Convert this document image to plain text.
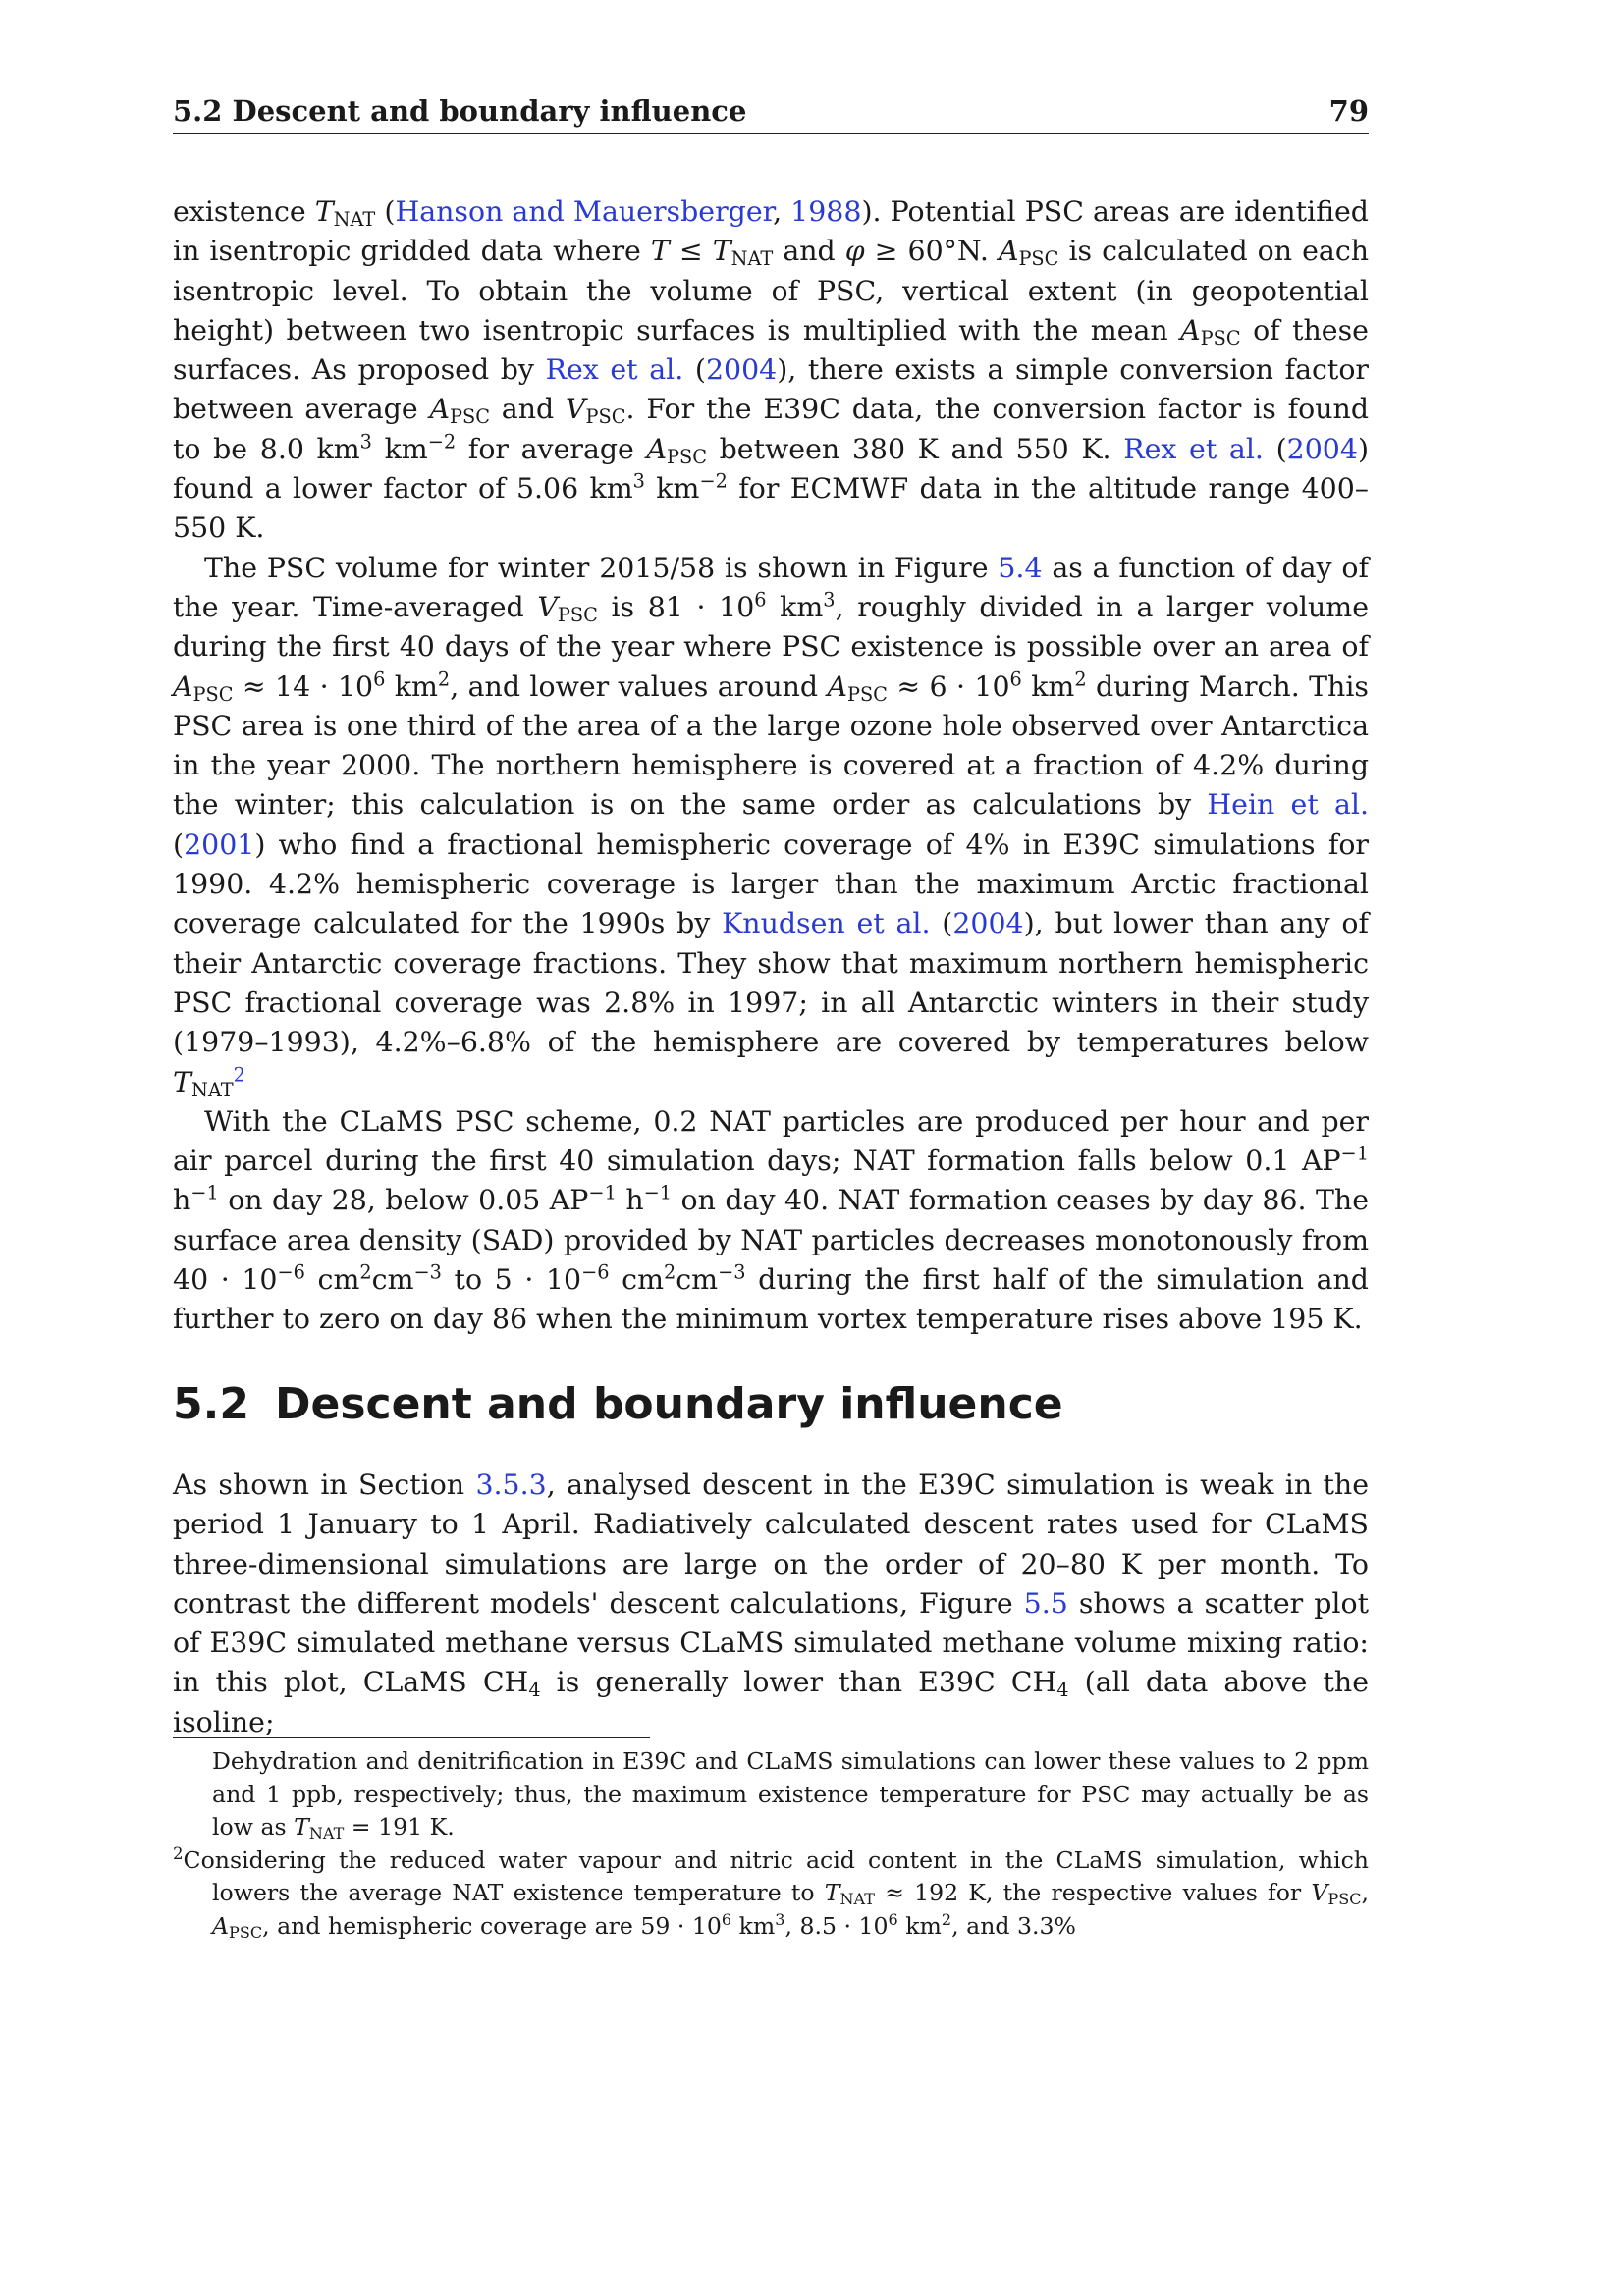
5.2 Descent and boundary influence	79

existence $T_{NAT}$ (Hanson and Mauersberger, 1988). Potential PSC areas are identified in isentropic gridded data where $T \le T_{NAT}$ and φ ≥ 60°N. $A_{PSC}$ is calculated on each isentropic level. To obtain the volume of PSC, vertical extent (in geopotential height) between two isentropic surfaces is multiplied with the mean $A_{PSC}$ of these surfaces. As proposed by Rex et al. (2004), there exists a simple conversion factor between average $A_{PSC}$ and $V_{PSC}$. For the E39C data, the conversion factor is found to be 8.0 $km^3$ $km^{-2}$ for average $A_{PSC}$ between 380 K and 550 K. Rex et al. (2004) found a lower factor of 5.06 $km^3$ $km^{-2}$ for ECMWF data in the altitude range 400–550 K.

The PSC volume for winter 2015/58 is shown in Figure 5.4 as a function of day of the year. Time-averaged $V_{PSC}$ is $81 \cdot 10^6$ $km^3$, roughly divided in a larger volume during the first 40 days of the year where PSC existence is possible over an area of $A_{PSC} \approx 14 \cdot 10^6$ $km^2$, and lower values around $A_{PSC} \approx 6 \cdot 10^6$ $km^2$ during March. This PSC area is one third of the area of a the large ozone hole observed over Antarctica in the year 2000. The northern hemisphere is covered at a fraction of 4.2% during the winter; this calculation is on the same order as calculations by Hein et al. (2001) who find a fractional hemispheric coverage of 4% in E39C simulations for 1990. 4.2% hemispheric coverage is larger than the maximum Arctic fractional coverage calculated for the 1990s by Knudsen et al. (2004), but lower than any of their Antarctic coverage fractions. They show that maximum northern hemispheric PSC fractional coverage was 2.8% in 1997; in all Antarctic winters in their study (1979–1993), 4.2%–6.8% of the hemisphere are covered by temperatures below $T_{NAT}^2$

With the CLaMS PSC scheme, 0.2 NAT particles are produced per hour and per air parcel during the first 40 simulation days; NAT formation falls below 0.1 $AP^{-1}$ $h^{-1}$ on day 28, below 0.05 $AP^{-1}$ $h^{-1}$ on day 40. NAT formation ceases by day 86. The surface area density (SAD) provided by NAT particles decreases monotonously from $40 \cdot 10^{-6}$ $cm^2cm^{-3}$ to $5 \cdot 10^{-6}$ $cm^2cm^{-3}$ during the first half of the simulation and further to zero on day 86 when the minimum vortex temperature rises above 195 K.

5.2 Descent and boundary influence

As shown in Section 3.5.3, analysed descent in the E39C simulation is weak in the period 1 January to 1 April. Radiatively calculated descent rates used for CLaMS three-dimensional simulations are large on the order of 20–80 K per month. To contrast the different models' descent calculations, Figure 5.5 shows a scatter plot of E39C simulated methane versus CLaMS simulated methane volume mixing ratio: in this plot, CLaMS $CH_4$ is generally lower than E39C $CH_4$ (all data above the isoline;

Dehydration and denitrification in E39C and CLaMS simulations can lower these values to 2 ppm and 1 ppb, respectively; thus, the maximum existence temperature for PSC may actually be as low as $T_{NAT} = 191$ K.

$^2$Considering the reduced water vapour and nitric acid content in the CLaMS simulation, which lowers the average NAT existence temperature to $T_{NAT} \approx 192$ K, the respective values for $V_{PSC}$, $A_{PSC}$, and hemispheric coverage are $59 \cdot 10^6$ $km^3$, $8.5 \cdot 10^6$ $km^2$, and 3.3%
